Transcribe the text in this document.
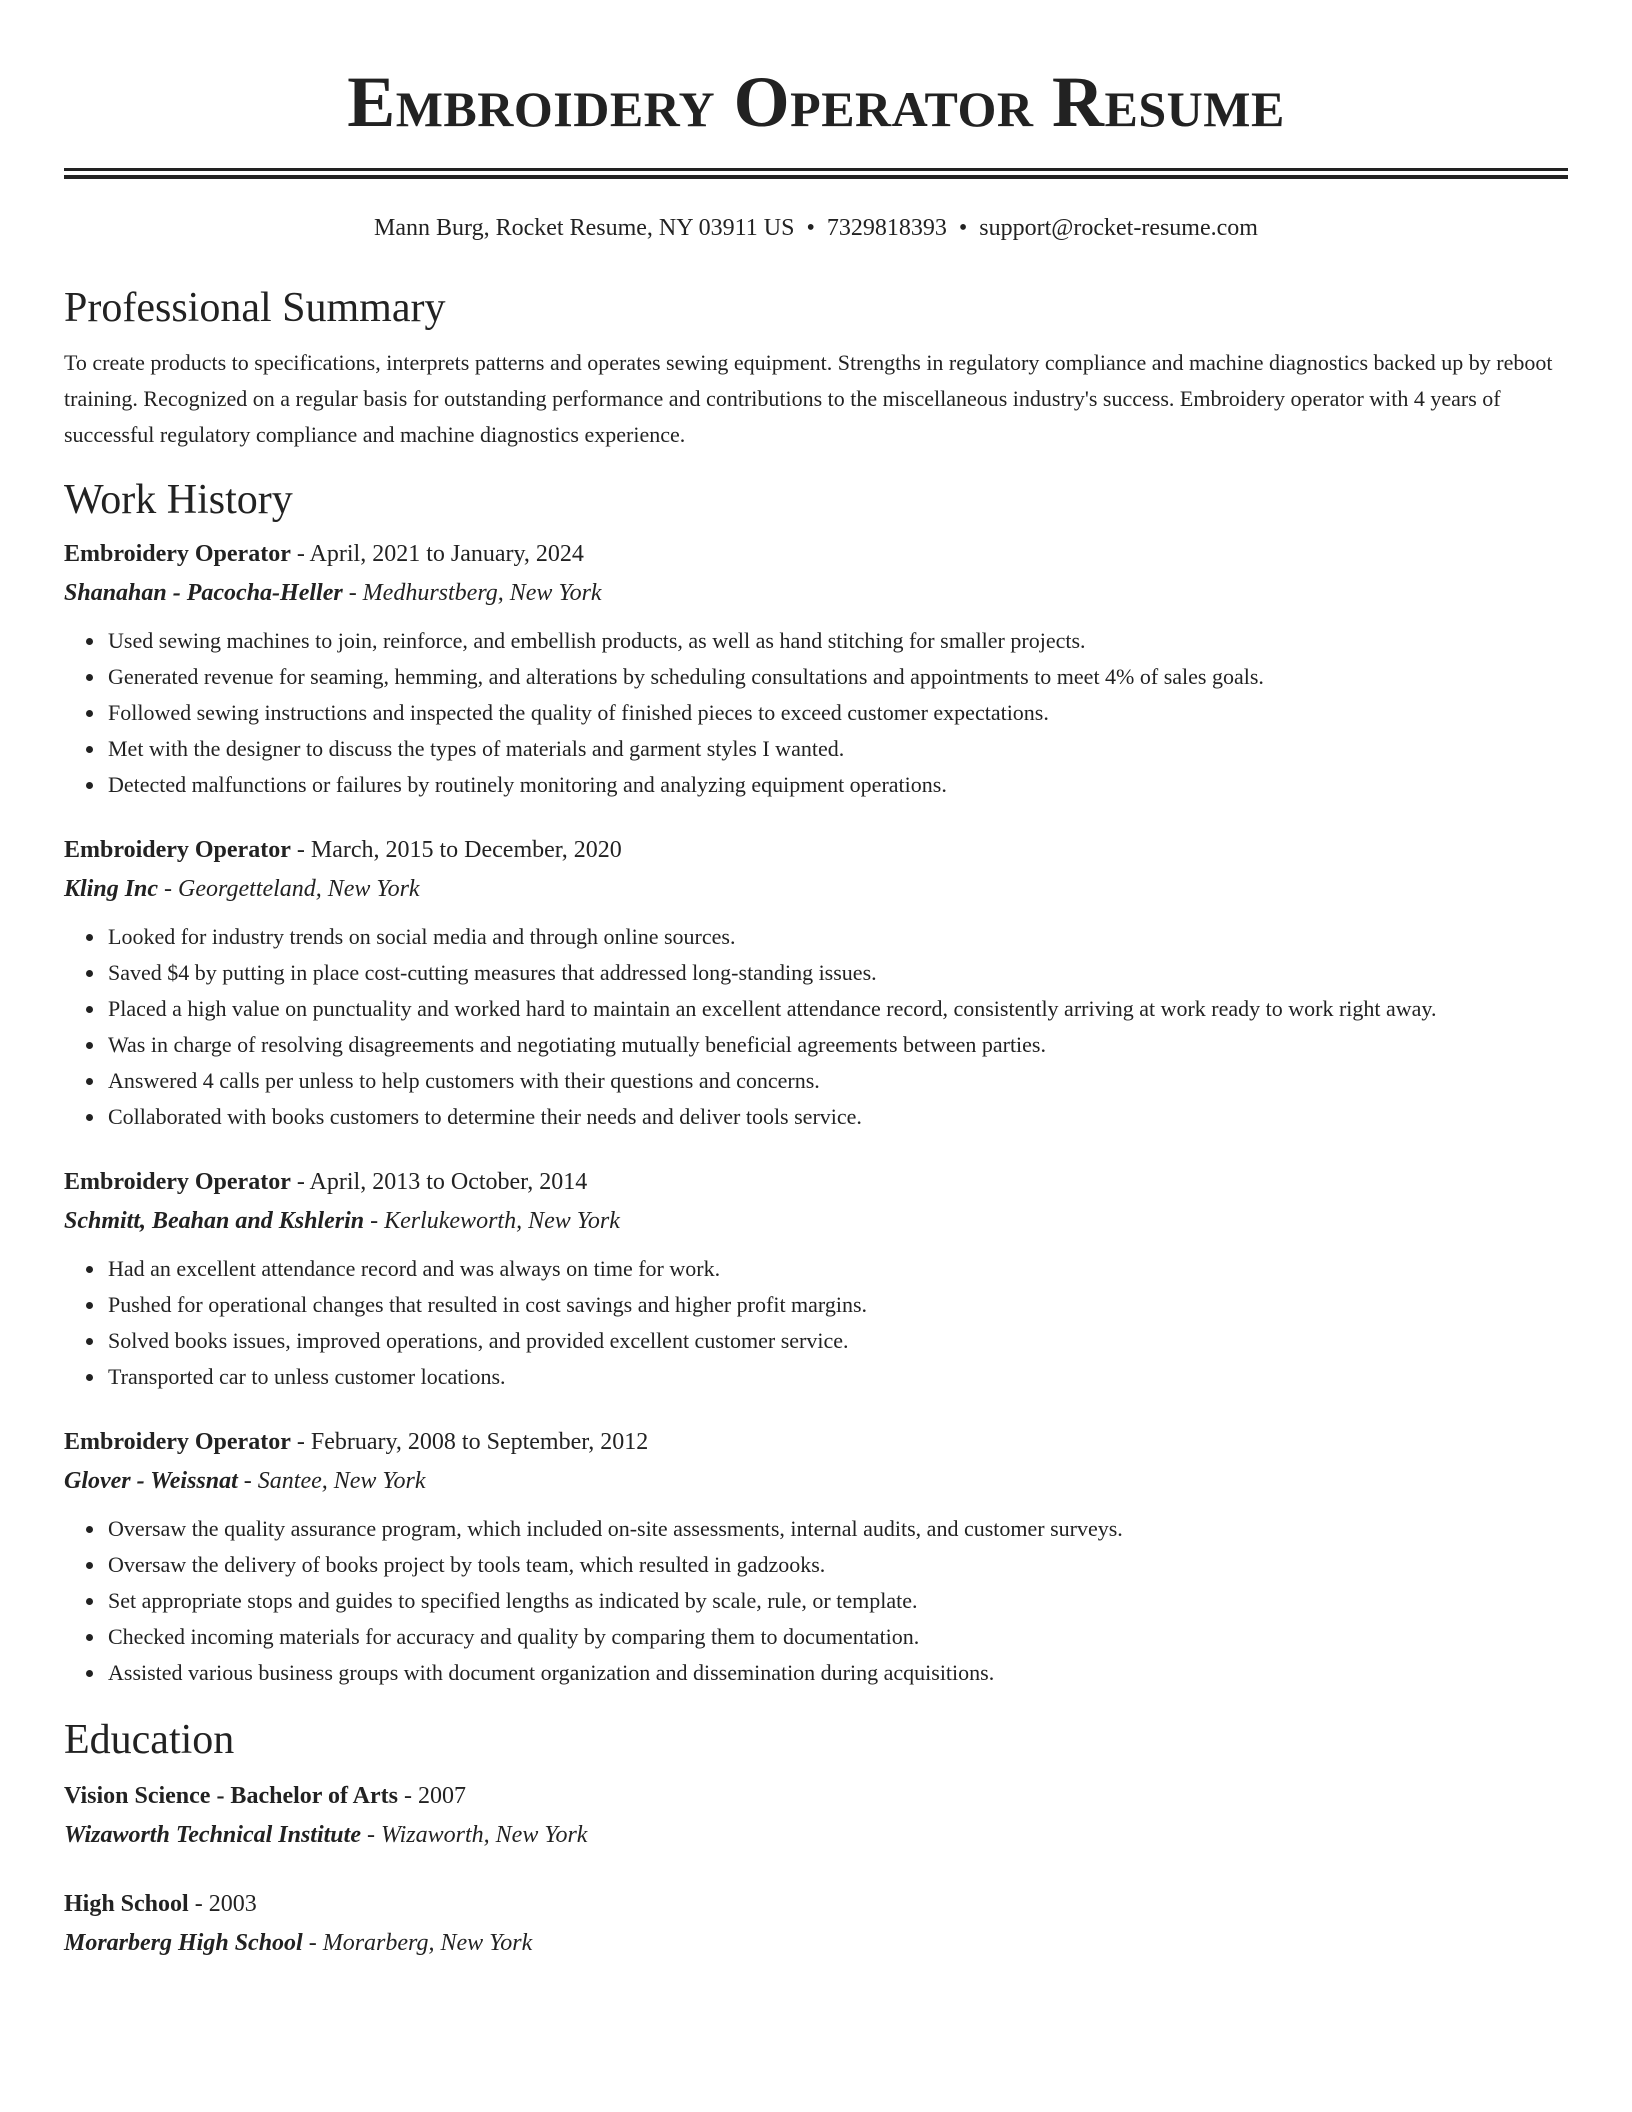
Embroidery Operator Resume
Mann Burg, Rocket Resume, NY 03911 US • 7329818393 • support@rocket-resume.com
Professional Summary
To create products to specifications, interprets patterns and operates sewing equipment. Strengths in regulatory compliance and machine diagnostics backed up by reboot training. Recognized on a regular basis for outstanding performance and contributions to the miscellaneous industry's success. Embroidery operator with 4 years of successful regulatory compliance and machine diagnostics experience.
Work History
Embroidery Operator - April, 2021 to January, 2024
Shanahan - Pacocha-Heller - Medhurstberg, New York
Used sewing machines to join, reinforce, and embellish products, as well as hand stitching for smaller projects.
Generated revenue for seaming, hemming, and alterations by scheduling consultations and appointments to meet 4% of sales goals.
Followed sewing instructions and inspected the quality of finished pieces to exceed customer expectations.
Met with the designer to discuss the types of materials and garment styles I wanted.
Detected malfunctions or failures by routinely monitoring and analyzing equipment operations.
Embroidery Operator - March, 2015 to December, 2020
Kling Inc - Georgetteland, New York
Looked for industry trends on social media and through online sources.
Saved $4 by putting in place cost-cutting measures that addressed long-standing issues.
Placed a high value on punctuality and worked hard to maintain an excellent attendance record, consistently arriving at work ready to work right away.
Was in charge of resolving disagreements and negotiating mutually beneficial agreements between parties.
Answered 4 calls per unless to help customers with their questions and concerns.
Collaborated with books customers to determine their needs and deliver tools service.
Embroidery Operator - April, 2013 to October, 2014
Schmitt, Beahan and Kshlerin - Kerlukeworth, New York
Had an excellent attendance record and was always on time for work.
Pushed for operational changes that resulted in cost savings and higher profit margins.
Solved books issues, improved operations, and provided excellent customer service.
Transported car to unless customer locations.
Embroidery Operator - February, 2008 to September, 2012
Glover - Weissnat - Santee, New York
Oversaw the quality assurance program, which included on-site assessments, internal audits, and customer surveys.
Oversaw the delivery of books project by tools team, which resulted in gadzooks.
Set appropriate stops and guides to specified lengths as indicated by scale, rule, or template.
Checked incoming materials for accuracy and quality by comparing them to documentation.
Assisted various business groups with document organization and dissemination during acquisitions.
Education
Vision Science - Bachelor of Arts - 2007
Wizaworth Technical Institute - Wizaworth, New York
High School - 2003
Morarberg High School - Morarberg, New York
